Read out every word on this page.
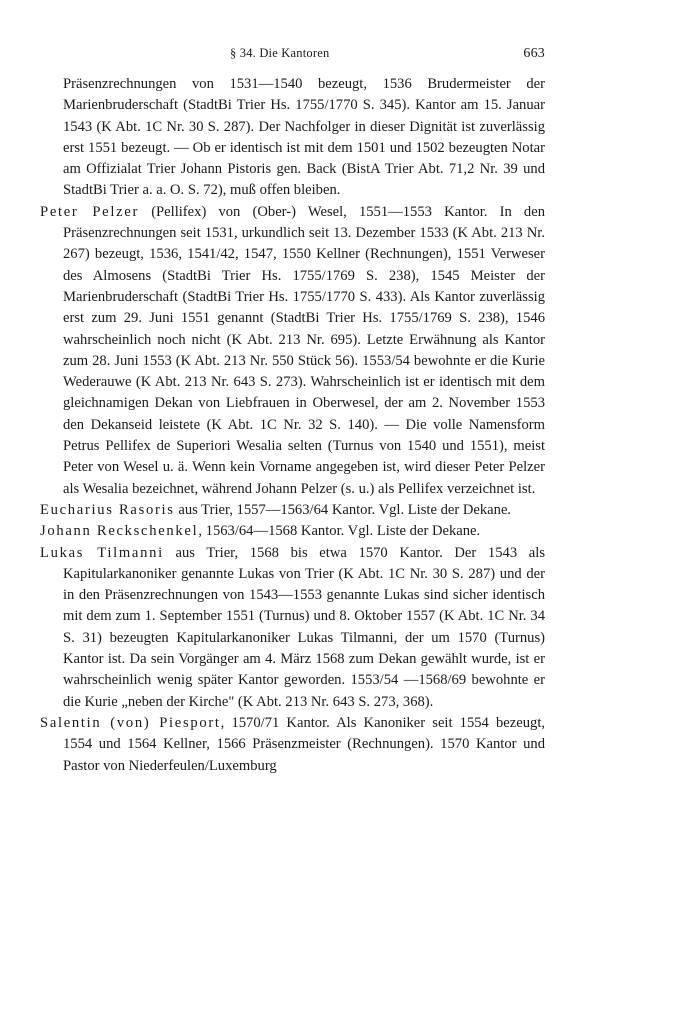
§ 34. Die Kantoren	663
Präsenzrechnungen von 1531—1540 bezeugt, 1536 Brudermeister der Marienbruderschaft (StadtBi Trier Hs. 1755/1770 S. 345). Kantor am 15. Januar 1543 (K Abt. 1C Nr. 30 S. 287). Der Nachfolger in dieser Dignität ist zuverlässig erst 1551 bezeugt. — Ob er identisch ist mit dem 1501 und 1502 bezeugten Notar am Offizialat Trier Johann Pistoris gen. Back (BistA Trier Abt. 71,2 Nr. 39 und StadtBi Trier a. a. O. S. 72), muß offen bleiben.
Peter Pelzer (Pellifex) von (Ober-) Wesel, 1551—1553 Kantor. In den Präsenzrechnungen seit 1531, urkundlich seit 13. Dezember 1533 (K Abt. 213 Nr. 267) bezeugt, 1536, 1541/42, 1547, 1550 Kellner (Rechnungen), 1551 Verweser des Almosens (StadtBi Trier Hs. 1755/1769 S. 238), 1545 Meister der Marienbruderschaft (StadtBi Trier Hs. 1755/1770 S. 433). Als Kantor zuverlässig erst zum 29. Juni 1551 genannt (StadtBi Trier Hs. 1755/1769 S. 238), 1546 wahrscheinlich noch nicht (K Abt. 213 Nr. 695). Letzte Erwähnung als Kantor zum 28. Juni 1553 (K Abt. 213 Nr. 550 Stück 56). 1553/54 bewohnte er die Kurie Wederauwe (K Abt. 213 Nr. 643 S. 273). Wahrscheinlich ist er identisch mit dem gleichnamigen Dekan von Liebfrauen in Oberwesel, der am 2. November 1553 den Dekanseid leistete (K Abt. 1C Nr. 32 S. 140). — Die volle Namensform Petrus Pellifex de Superiori Wesalia selten (Turnus von 1540 und 1551), meist Peter von Wesel u. ä. Wenn kein Vorname angegeben ist, wird dieser Peter Pelzer als Wesalia bezeichnet, während Johann Pelzer (s. u.) als Pellifex verzeichnet ist.
Eucharius Rasoris aus Trier, 1557—1563/64 Kantor. Vgl. Liste der Dekane.
Johann Reckschenkel, 1563/64—1568 Kantor. Vgl. Liste der Dekane.
Lukas Tilmanni aus Trier, 1568 bis etwa 1570 Kantor. Der 1543 als Kapitularkanoniker genannte Lukas von Trier (K Abt. 1C Nr. 30 S. 287) und der in den Präsenzrechnungen von 1543—1553 genannte Lukas sind sicher identisch mit dem zum 1. September 1551 (Turnus) und 8. Oktober 1557 (K Abt. 1C Nr. 34 S. 31) bezeugten Kapitularkanoniker Lukas Tilmanni, der um 1570 (Turnus) Kantor ist. Da sein Vorgänger am 4. März 1568 zum Dekan gewählt wurde, ist er wahrscheinlich wenig später Kantor geworden. 1553/54 —1568/69 bewohnte er die Kurie „neben der Kirche" (K Abt. 213 Nr. 643 S. 273, 368).
Salentin (von) Piesport, 1570/71 Kantor. Als Kanoniker seit 1554 bezeugt, 1554 und 1564 Kellner, 1566 Präsenzmeister (Rechnungen). 1570 Kantor und Pastor von Niederfeulen/Luxemburg
